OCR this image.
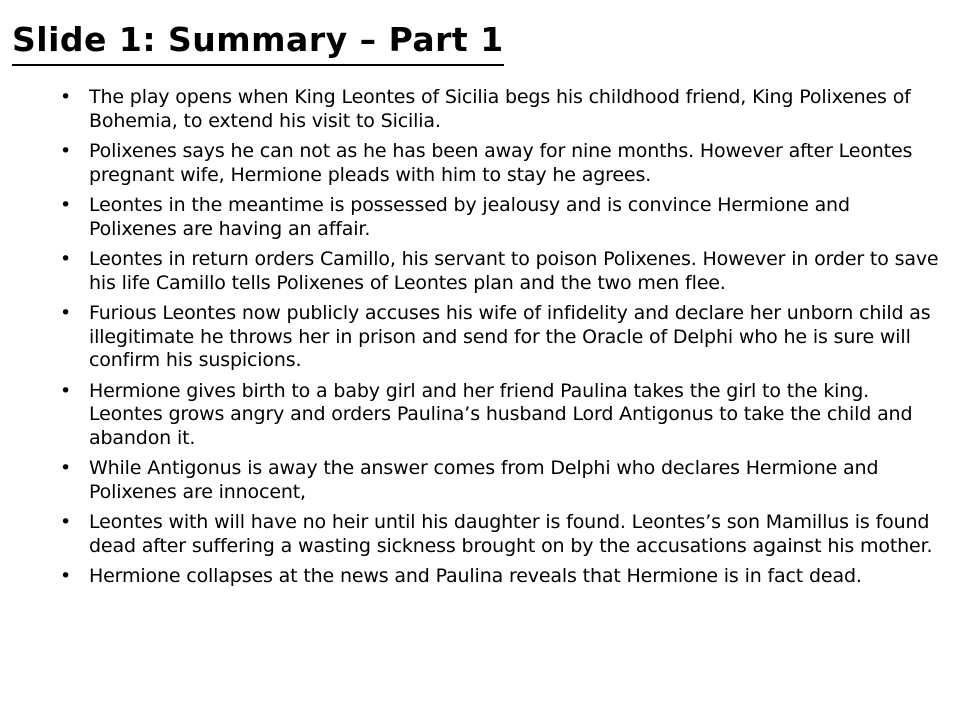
Slide 1: Summary – Part 1
• The play opens when King Leontes of Sicilia begs his childhood friend, King Polixenes of Bohemia, to extend his visit to Sicilia.
• Polixenes says he can not as he has been away for nine months. However after Leontes pregnant wife, Hermione pleads with him to stay he agrees.
• Leontes in the meantime is possessed by jealousy and is convince Hermione and Polixenes are having an affair.
• Leontes in return orders Camillo, his servant to poison Polixenes. However in order to save his life Camillo tells Polixenes of Leontes plan and the two men flee.
• Furious Leontes now publicly accuses his wife of infidelity and declare her unborn child as illegitimate he throws her in prison and send for the Oracle of Delphi who he is sure will confirm his suspicions.
• Hermione gives birth to a baby girl and her friend Paulina takes the girl to the king. Leontes grows angry and orders Paulina’s husband Lord Antigonus to take the child and abandon it.
• While Antigonus is away the answer comes from Delphi who declares Hermione and Polixenes are innocent,
• Leontes with will have no heir until his daughter is found. Leontes’s son Mamillus is found dead after suffering a wasting sickness brought on by the accusations against his mother.
• Hermione collapses at the news and Paulina reveals that Hermione is in fact dead.
